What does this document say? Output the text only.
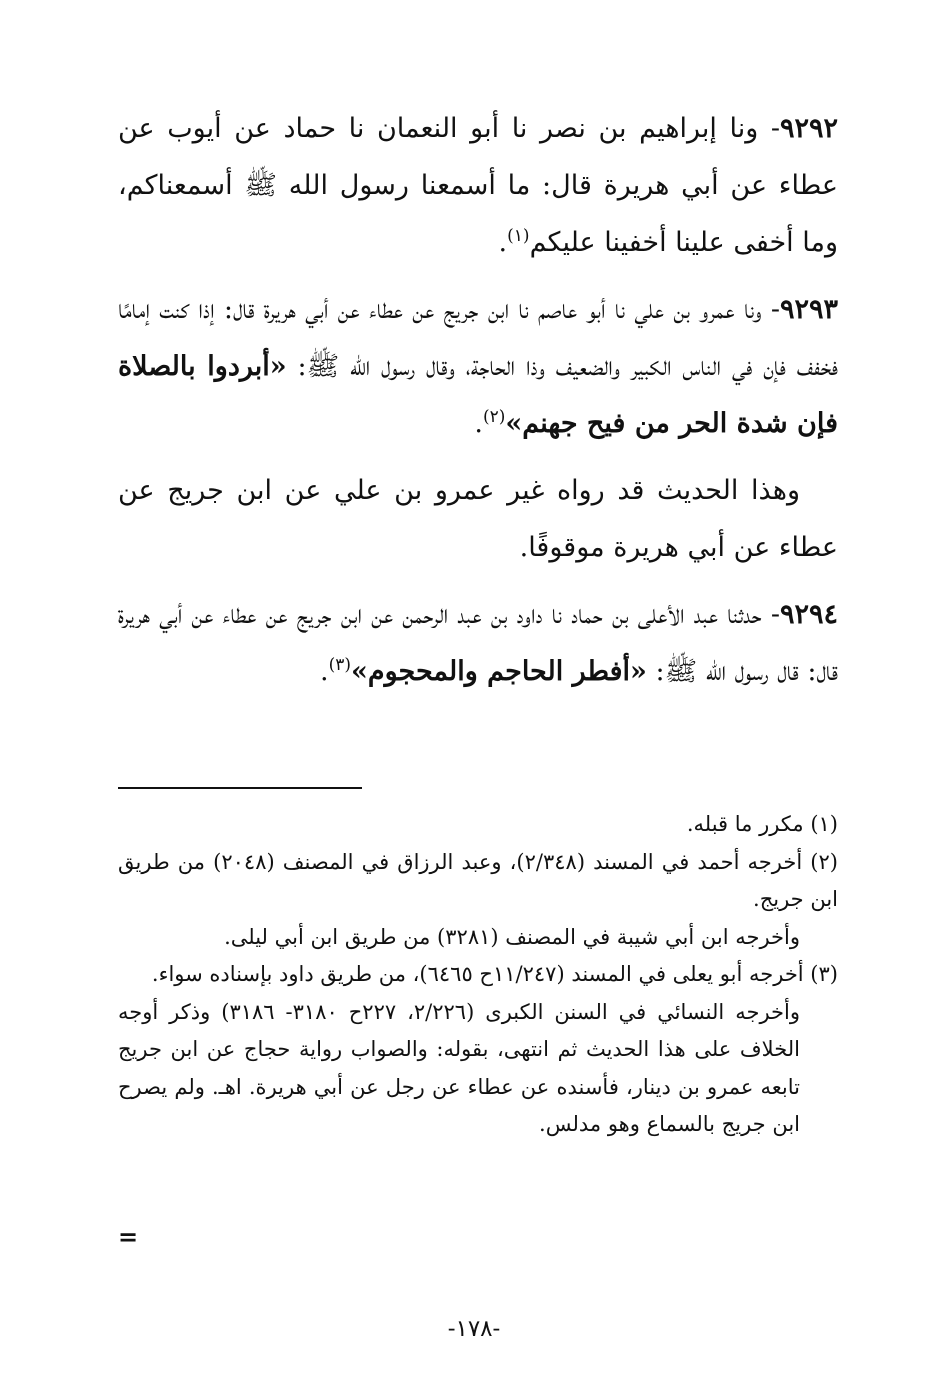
٩٢٩٢- ونا إبراهيم بن نصر نا أبو النعمان نا حماد عن أيوب عن عطاء عن أبي هريرة قال: ما أسمعنا رسول الله ﷺ أسمعناكم، وما أخفى علينا أخفينا عليكم$^{(١)}$.

٩٢٩٣- ونا عمرو بن علي نا أبو عاصم نا ابن جريج عن عطاء عن أبي هريرة قال: إذا كنت إمامًا فخفف فإن في الناس الكبير والضعيف وذا الحاجة، وقال رسول الله ﷺ: «أبردوا بالصلاة فإن شدة الحر من فيح جهنم»$^{(٢)}$.

وهذا الحديث قد رواه غير عمرو بن علي عن ابن جريج عن عطاء عن أبي هريرة موقوفًا.

٩٢٩٤- حدثنا عبد الأعلى بن حماد نا داود بن عبد الرحمن عن ابن جريج عن عطاء عن أبي هريرة قال: قال رسول الله ﷺ: «أفطر الحاجم والمحجوم»$^{(٣)}$.

(١) مكرر ما قبله.

(٢) أخرجه أحمد في المسند (٢/٣٤٨)، وعبد الرزاق في المصنف (٢٠٤٨) من طريق ابن جريج.

وأخرجه ابن أبي شيبة في المصنف (٣٢٨١) من طريق ابن أبي ليلى.

(٣) أخرجه أبو يعلى في المسند (١١/٢٤٧ح ٦٤٦٥)، من طريق داود بإسناده سواء.

وأخرجه النسائي في السنن الكبرى (٢/٢٢٦، ٢٢٧ح ٣١٨٠- ٣١٨٦) وذكر أوجه الخلاف على هذا الحديث ثم انتهى، بقوله: والصواب رواية حجاج عن ابن جريج تابعه عمرو بن دينار، فأسنده عن عطاء عن رجل عن أبي هريرة. اهـ. ولم يصرح ابن جريج بالسماع وهو مدلس.

=
-١٧٨-
